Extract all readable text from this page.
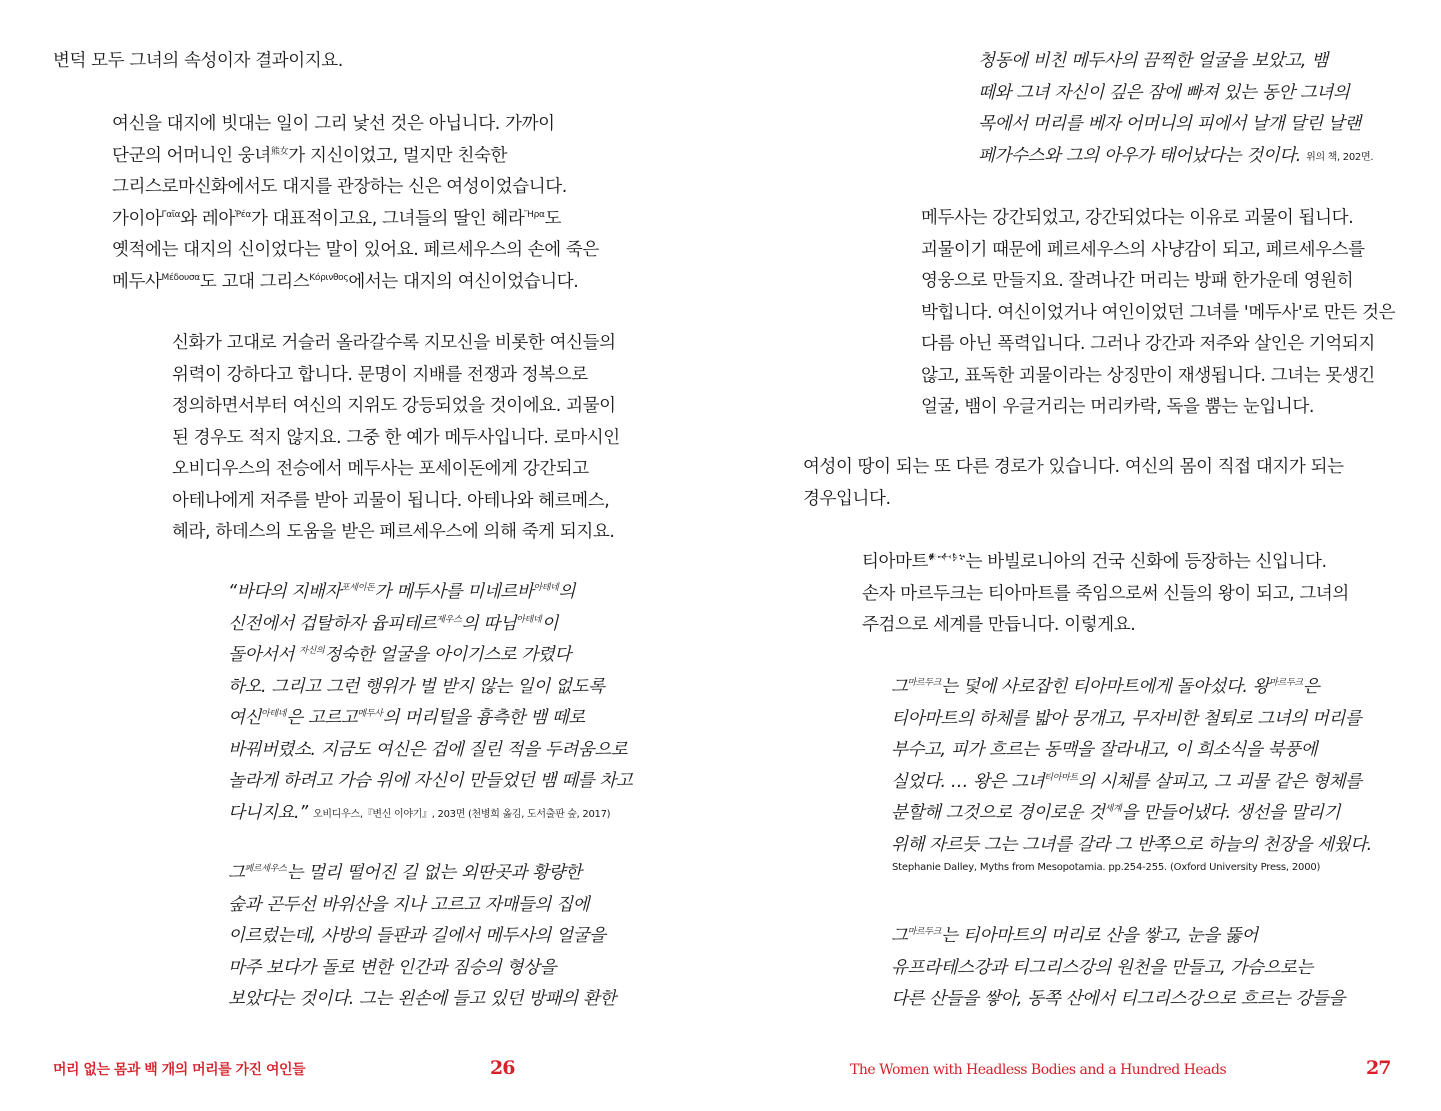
변덕 모두 그녀의 속성이자 결과이지요.
여신을 대지에 빗대는 일이 그리 낯선 것은 아닙니다. 가까이
단군의 어머니인 웅녀$^{熊女}$가 지신이었고, 멀지만 친숙한
그리스로마신화에서도 대지를 관장하는 신은 여성이었습니다.
가이아$^{\Gamma\alpha ῖ\alpha}$와 레아$^{Ῥέ\alpha}$가 대표적이고요, 그녀들의 딸인 헤라$^{Ἥ\rho\alpha}$도
옛적에는 대지의 신이었다는 말이 있어요. 페르세우스의 손에 죽은
메두사$^{Mέ\delta o\upsilon\sigma\alpha}$도 고대 그리스$^{Kό\rho\iota\nu\theta o\varsigma}$에서는 대지의 여신이었습니다.
신화가 고대로 거슬러 올라갈수록 지모신을 비롯한 여신들의
위력이 강하다고 합니다. 문명이 지배를 전쟁과 정복으로
정의하면서부터 여신의 지위도 강등되었을 것이에요. 괴물이
된 경우도 적지 않지요. 그중 한 예가 메두사입니다. 로마시인
오비디우스의 전승에서 메두사는 포세이돈에게 강간되고
아테나에게 저주를 받아 괴물이 됩니다. 아테나와 헤르메스,
헤라, 하데스의 도움을 받은 페르세우스에 의해 죽게 되지요.
“바다의 지배자$^{포세이돈}$가 메두사를 미네르바$^{아테네}$의
신전에서 겁탈하자 윱피테르$^{제우스}$의 따님$^{아테네}$이
돌아서서 $^{자신의}$정숙한 얼굴을 아이기스로 가렸다
하오. 그리고 그런 행위가 벌 받지 않는 일이 없도록
여신$^{아테네}$은 고르고$^{메두사}$의 머리털을 흉측한 뱀 떼로
바꿔버렸소. 지금도 여신은 겁에 질린 적을 두려움으로
놀라게 하려고 가슴 위에 자신이 만들었던 뱀 떼를 차고
다니지요.” 오비디우스,『변신 이야기』, 203면 (천병희 옮김, 도서출판 숲, 2017)
그$^{페르세우스}$는 멀리 떨어진 길 없는 외딴곳과 황량한
숲과 곤두선 바위산을 지나 고르고 자매들의 집에
이르렀는데, 사방의 들판과 길에서 메두사의 얼굴을
마주 보다가 돌로 변한 인간과 짐승의 형상을
보았다는 것이다. 그는 왼손에 들고 있던 방패의 환한
머리 없는 몸과 백 개의 머리를 가진 여인들	26
청동에 비친 메두사의 끔찍한 얼굴을 보았고, 뱀
떼와 그녀 자신이 깊은 잠에 빠져 있는 동안 그녀의
목에서 머리를 베자 어머니의 피에서 날개 달린 날랜
페가수스와 그의 아우가 태어났다는 것이다. 위의 책, 202면.
메두사는 강간되었고, 강간되었다는 이유로 괴물이 됩니다.
괴물이기 때문에 페르세우스의 사냥감이 되고, 페르세우스를
영웅으로 만들지요. 잘려나간 머리는 방패 한가운데 영원히
박힙니다. 여신이었거나 여인이었던 그녀를 '메두사'로 만든 것은
다름 아닌 폭력입니다. 그러나 강간과 저주와 살인은 기억되지
않고, 표독한 괴물이라는 상징만이 재생됩니다. 그녀는 못생긴
얼굴, 뱀이 우글거리는 머리카락, 독을 뿜는 눈입니다.
여성이 땅이 되는 또 다른 경로가 있습니다. 여신의 몸이 직접 대지가 되는
경우입니다.
티아마트$^{𒀭𒋾𒊩𒆳}$는 바빌로니아의 건국 신화에 등장하는 신입니다.
손자 마르두크는 티아마트를 죽임으로써 신들의 왕이 되고, 그녀의
주검으로 세계를 만듭니다. 이렇게요.
그$^{마르두크}$는 덫에 사로잡힌 티아마트에게 돌아섰다. 왕$^{마르두크}$은
티아마트의 하체를 밟아 뭉개고, 무자비한 철퇴로 그녀의 머리를
부수고, 피가 흐르는 동맥을 잘라내고, 이 희소식을 북풍에
실었다. … 왕은 그녀$^{티아마트}$의 시체를 살피고, 그 괴물 같은 형체를
분할해 그것으로 경이로운 것$^{세계}$을 만들어냈다. 생선을 말리기
위해 자르듯 그는 그녀를 갈라 그 반쪽으로 하늘의 천장을 세웠다.
Stephanie Dalley, Myths from Mesopotamia. pp.254-255. (Oxford University Press, 2000)
그$^{마르두크}$는 티아마트의 머리로 산을 쌓고, 눈을 뚫어
유프라테스강과 티그리스강의 원천을 만들고, 가슴으로는
다른 산들을 쌓아, 동쪽 산에서 티그리스강으로 흐르는 강들을
The Women with Headless Bodies and a Hundred Heads	27
